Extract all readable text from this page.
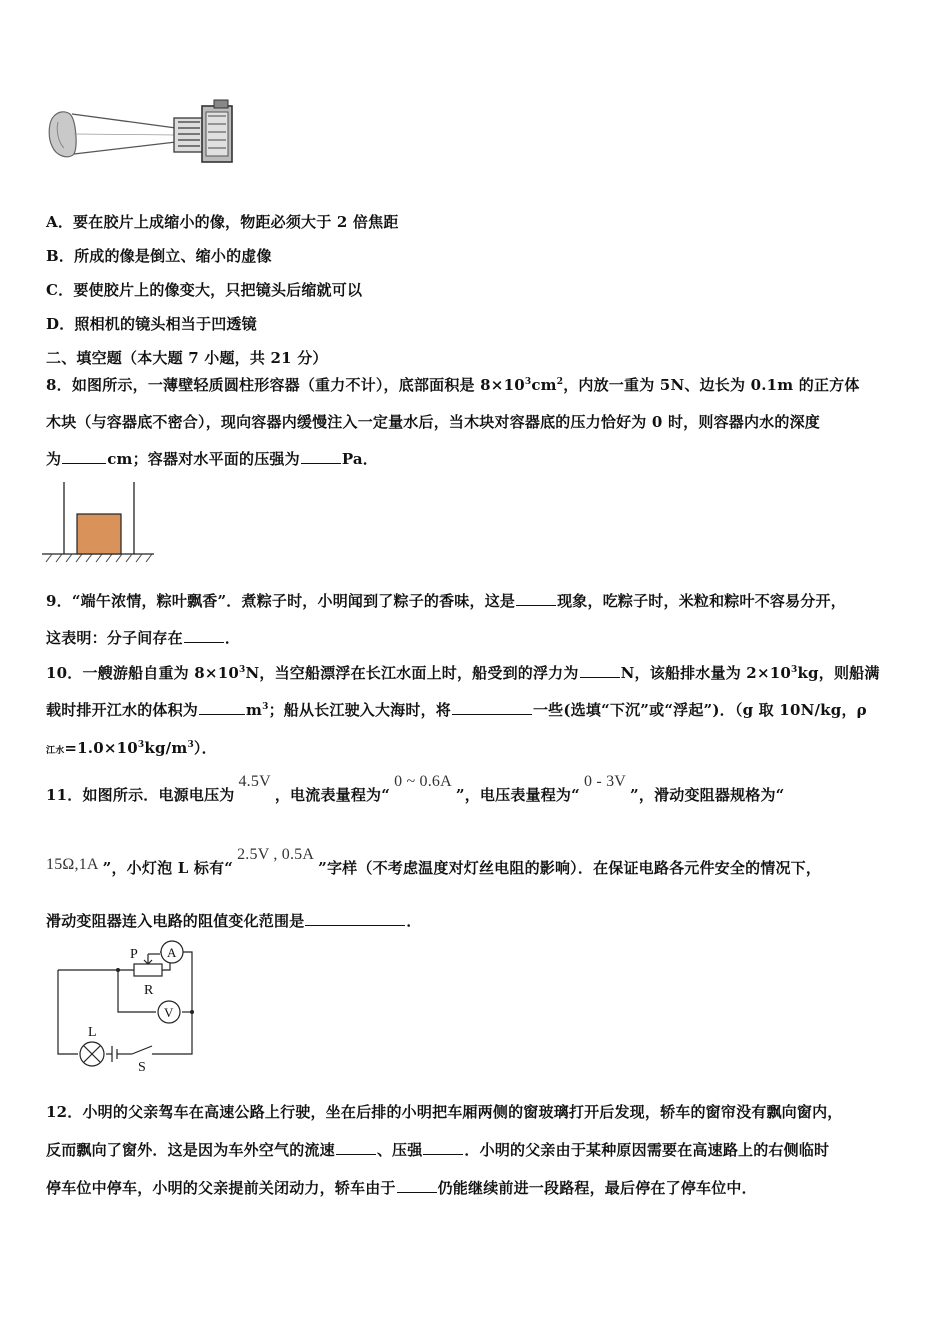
A．要在胶片上成缩小的像，物距必须大于 2 倍焦距
B．所成的像是倒立、缩小的虚像
C．要使胶片上的像变大，只把镜头后缩就可以
D．照相机的镜头相当于凹透镜
二、填空题（本大题 7 小题，共 21 分）
8．如图所示，一薄壁轻质圆柱形容器（重力不计），底部面积是 $8\times 10^3cm^2$，内放一重为 5N、边长为 0.1m 的正方体
木块（与容器底不密合），现向容器内缓慢注入一定量水后，当木块对容器底的压力恰好为 0 时，则容器内水的深度
为	cm；容器对水平面的压强为	Pa．
9．“端午浓情，粽叶飘香”．煮粽子时，小明闻到了粽子的香味，这是	现象，吃粽子时，米粒和粽叶不容易分开，
这表明：分子间存在	．
10．一艘游船自重为 $8\times 10^3N$，当空船漂浮在长江水面上时，船受到的浮力为	N，该船排水量为 $2\times 10^3kg$，则船满
载时排开江水的体积为	$m^3$；船从长江驶入大海时，将	一些(选填“下沉”或“浮起”)．（g 取 10N/kg，ρ
江水$=1.0\times 10^3kg/m^3$）．
11．如图所示．电源电压为4.5V，电流表量程为“0 ~ 0.6A”，电压表量程为“0 - 3V”，滑动变阻器规格为“
15Ω,1A ”，小灯泡 L 标有“2.5V , 0.5A”字样（不考虑温度对灯丝电阻的影响）．在保证电路各元件安全的情况下，
滑动变阻器连入电路的阻值变化范围是	．
P A
R
V
L
S
12．小明的父亲驾车在高速公路上行驶，坐在后排的小明把车厢两侧的窗玻璃打开后发现，轿车的窗帘没有飘向窗内，
反而飘向了窗外．这是因为车外空气的流速	、压强	．小明的父亲由于某种原因需要在高速路上的右侧临时
停车位中停车，小明的父亲提前关闭动力，轿车由于	仍能继续前进一段路程，最后停在了停车位中．
